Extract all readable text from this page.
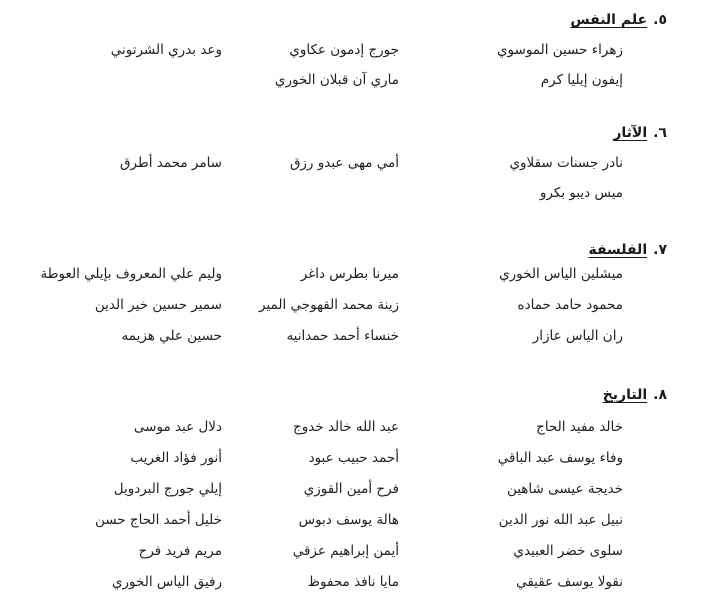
٥.علم النفس
زهراء حسين الموسوي
جورج إدمون عكاوي
وعد بدري الشرتوني
إيفون إيليا كرم
ماري آن قبلان الخوري
٦.الآثار
نادر جسنات سقلاوي
أمي مهى عبدو رزق
سامر محمد أطرق
ميس ديبو بكرو
٧.الفلسفة
ميشلين الياس الخوري
ميرنا بطرس داغر
وليم علي المعروف بإيلي العوطة
محمود حامد حماده
زينة محمد القهوجي المير
سمير حسين خير الدين
ران الياس عازار
خنساء أحمد حمدانيه
حسين علي هزيمه
٨.التاريخ
خالد مفيد الحاج
عبد الله خالد خدوج
دلال عبد موسى
وفاء يوسف عبد الباقي
أحمد حبيب عبود
أنور فؤاد الغريب
خديجة عيسى شاهين
فرح أمين القوزي
إيلي جورج البردويل
نبيل عبد الله نور الدين
هالة يوسف دبوس
خليل أحمد الحاج حسن
سلوى خضر العبيدي
أيمن إبراهيم عزقي
مريم فريد فرح
نقولا يوسف عقيقي
مايا نافذ محفوظ
رفيق الياس الخوري
